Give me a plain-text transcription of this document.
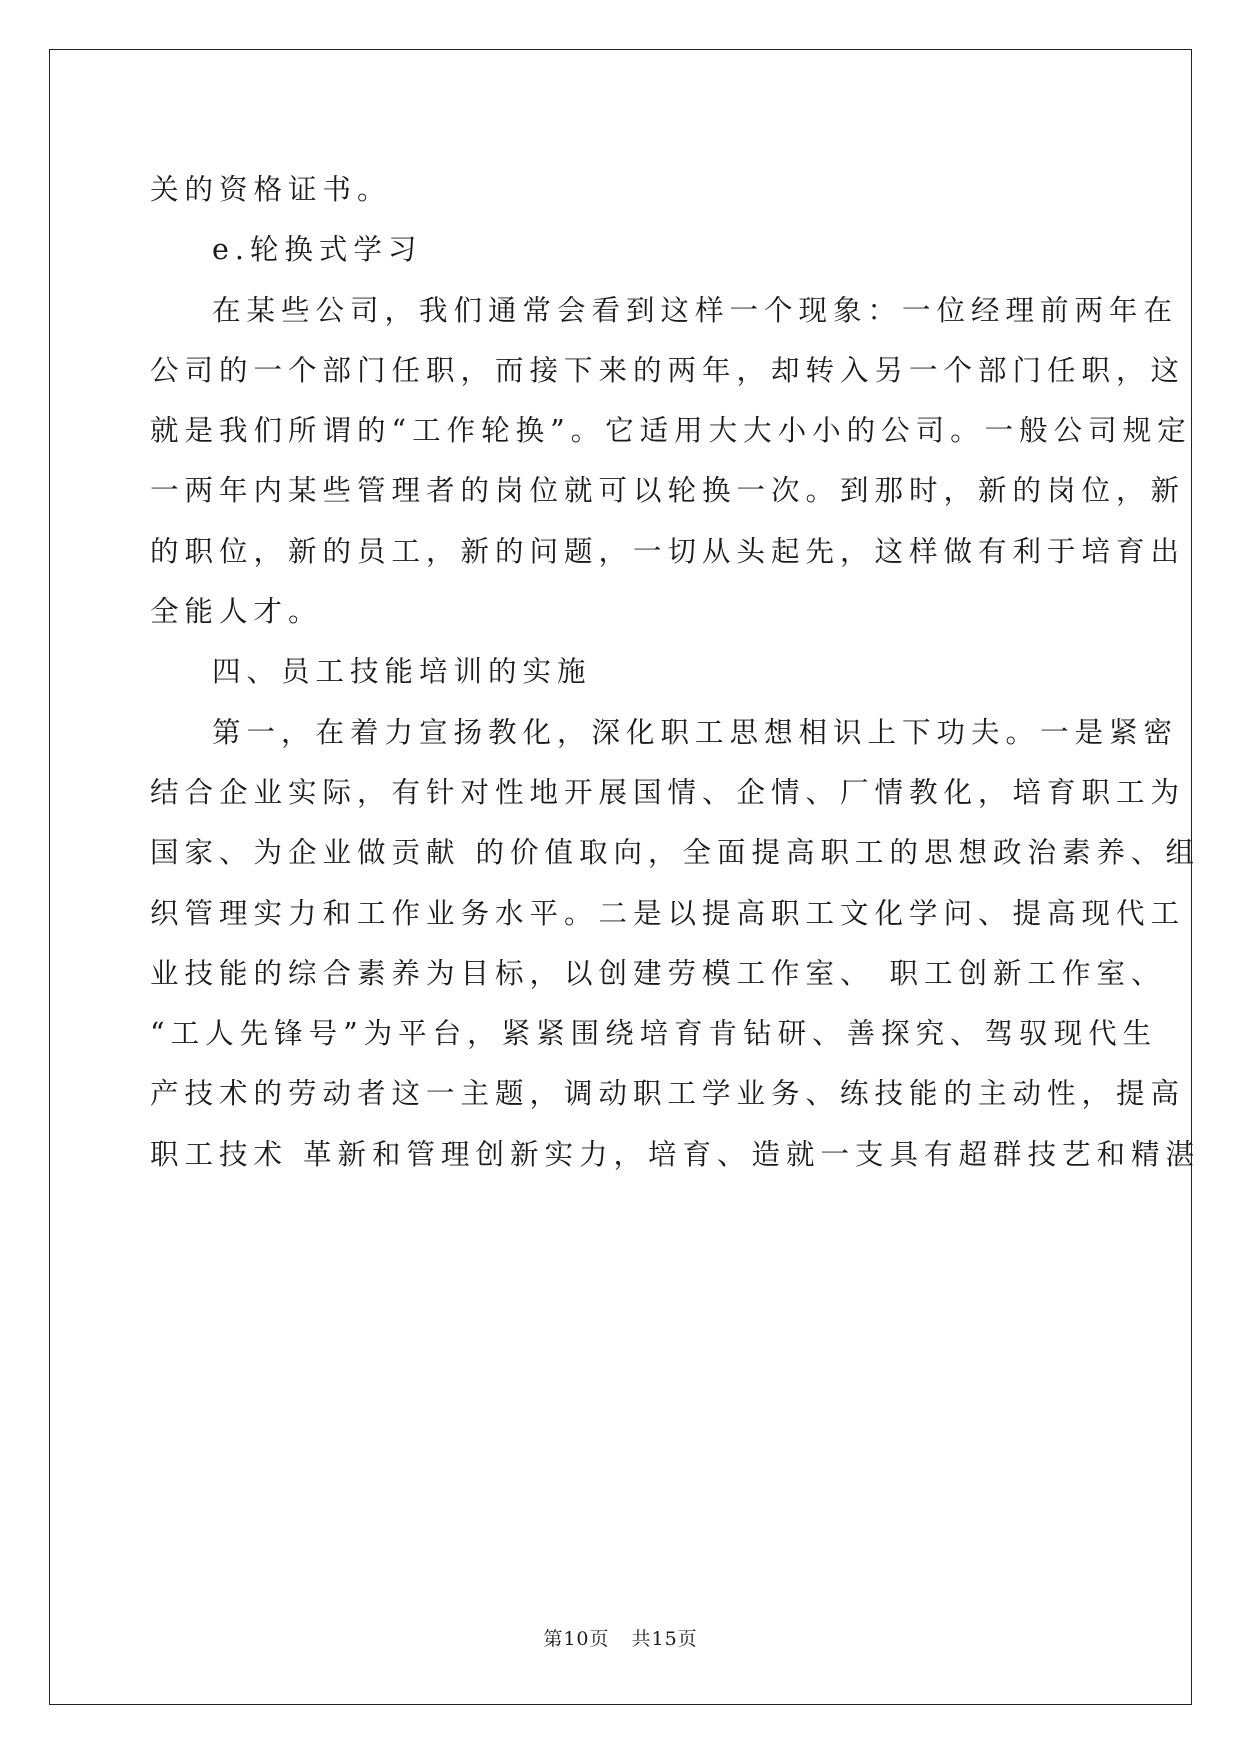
关的资格证书。
e.轮换式学习
在某些公司，我们通常会看到这样一个现象：一位经理前两年在
公司的一个部门任职，而接下来的两年，却转入另一个部门任职，这
就是我们所谓的“工作轮换”。它适用大大小小的公司。一般公司规定
一两年内某些管理者的岗位就可以轮换一次。到那时，新的岗位，新
的职位，新的员工，新的问题，一切从头起先，这样做有利于培育出
全能人才。
四、员工技能培训的实施
第一，在着力宣扬教化，深化职工思想相识上下功夫。一是紧密
结合企业实际，有针对性地开展国情、企情、厂情教化，培育职工为
国家、为企业做贡献 的价值取向，全面提高职工的思想政治素养、组
织管理实力和工作业务水平。二是以提高职工文化学问、提高现代工
业技能的综合素养为目标，以创建劳模工作室、 职工创新工作室、
“工人先锋号”为平台，紧紧围绕培育肯钻研、善探究、驾驭现代生
产技术的劳动者这一主题，调动职工学业务、练技能的主动性，提高
职工技术 革新和管理创新实力，培育、造就一支具有超群技艺和精湛
第10页 共15页
